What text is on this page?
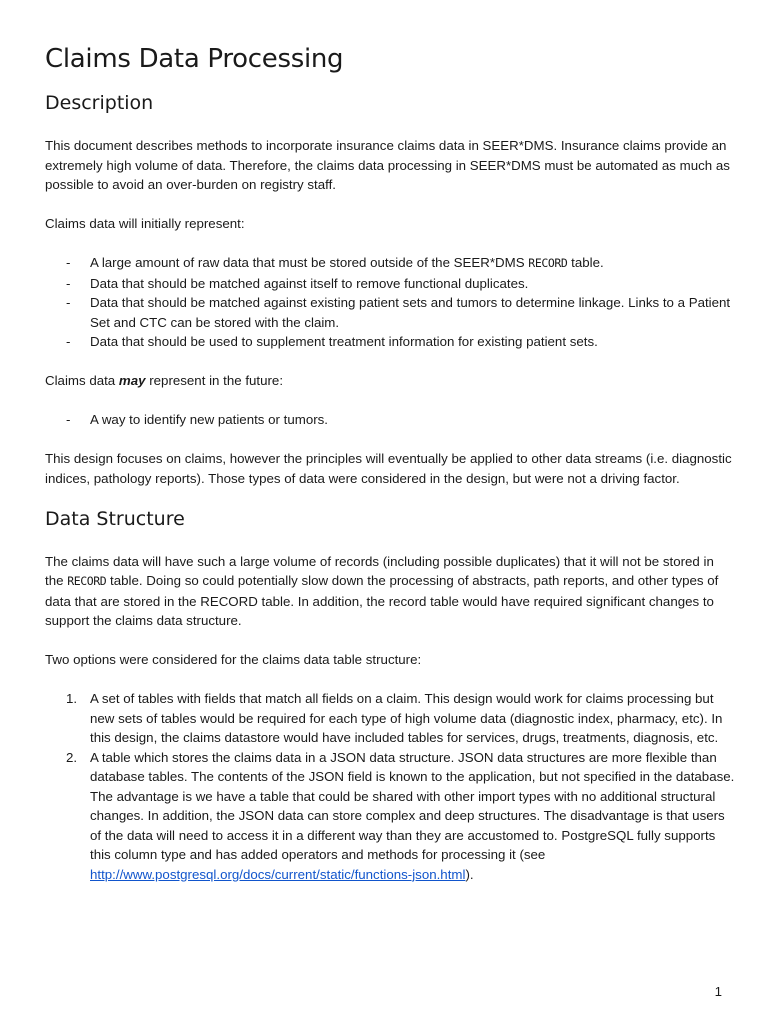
Claims Data Processing
Description

This document describes methods to incorporate insurance claims data in SEER*DMS. Insurance claims provide an extremely high volume of data. Therefore, the claims data processing in SEER*DMS must be automated as much as possible to avoid an over-burden on registry staff.

Claims data will initially represent:

- A large amount of raw data that must be stored outside of the SEER*DMS RECORD table.
- Data that should be matched against itself to remove functional duplicates.
- Data that should be matched against existing patient sets and tumors to determine linkage. Links to a Patient Set and CTC can be stored with the claim.
- Data that should be used to supplement treatment information for existing patient sets.

Claims data may represent in the future:

- A way to identify new patients or tumors.

This design focuses on claims, however the principles will eventually be applied to other data streams (i.e. diagnostic indices, pathology reports). Those types of data were considered in the design, but were not a driving factor.

Data Structure

The claims data will have such a large volume of records (including possible duplicates) that it will not be stored in the RECORD table. Doing so could potentially slow down the processing of abstracts, path reports, and other types of data that are stored in the RECORD table. In addition, the record table would have required significant changes to support the claims data structure.

Two options were considered for the claims data table structure:

1. A set of tables with fields that match all fields on a claim. This design would work for claims processing but new sets of tables would be required for each type of high volume data (diagnostic index, pharmacy, etc). In this design, the claims datastore would have included tables for services, drugs, treatments, diagnosis, etc.
2. A table which stores the claims data in a JSON data structure. JSON data structures are more flexible than database tables. The contents of the JSON field is known to the application, but not specified in the database. The advantage is we have a table that could be shared with other import types with no additional structural changes. In addition, the JSON data can store complex and deep structures. The disadvantage is that users of the data will need to access it in a different way than they are accustomed to. PostgreSQL fully supports this column type and has added operators and methods for processing it (see http://www.postgresql.org/docs/current/static/functions-json.html).
1
